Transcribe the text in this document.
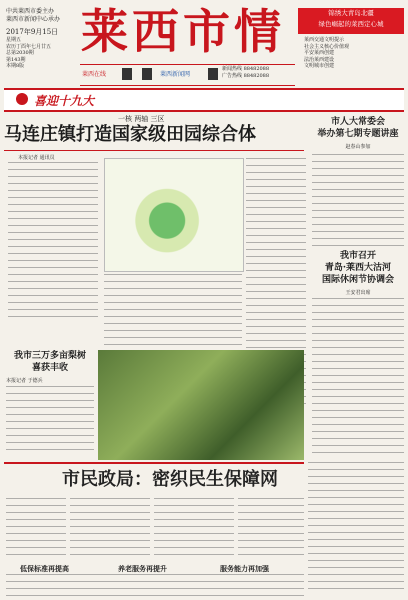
中共莱西市委主办
莱西市新闻中心承办
2017年9月15日
星期五
农历丁酉年七月廿五
总第2030期
第143期
本期8版
莱西市情	锦绣大青岛北疆
绿色崛起的莱西定心城
莱西交通文明提示
社会主义核心价值观
平安莱西创建
法治莱西建设
文明城市创建
莱西在线	莱西新闻网
新闻热线 88482088
广告热线 88482088
喜迎十九大
一核 两轴 三区
马连庄镇打造国家级田园综合体
本报记者 通讯员
市人大常委会
举办第七期专题讲座
赵春山参加
我市召开
青岛·莱西大沽河
国际休闲节协调会
王安君出席
我市三万多亩梨树
喜获丰收
本报记者 于德兵
市民政局：密织民生保障网
低保标准再提高	养老服务再提升	服务能力再加强
